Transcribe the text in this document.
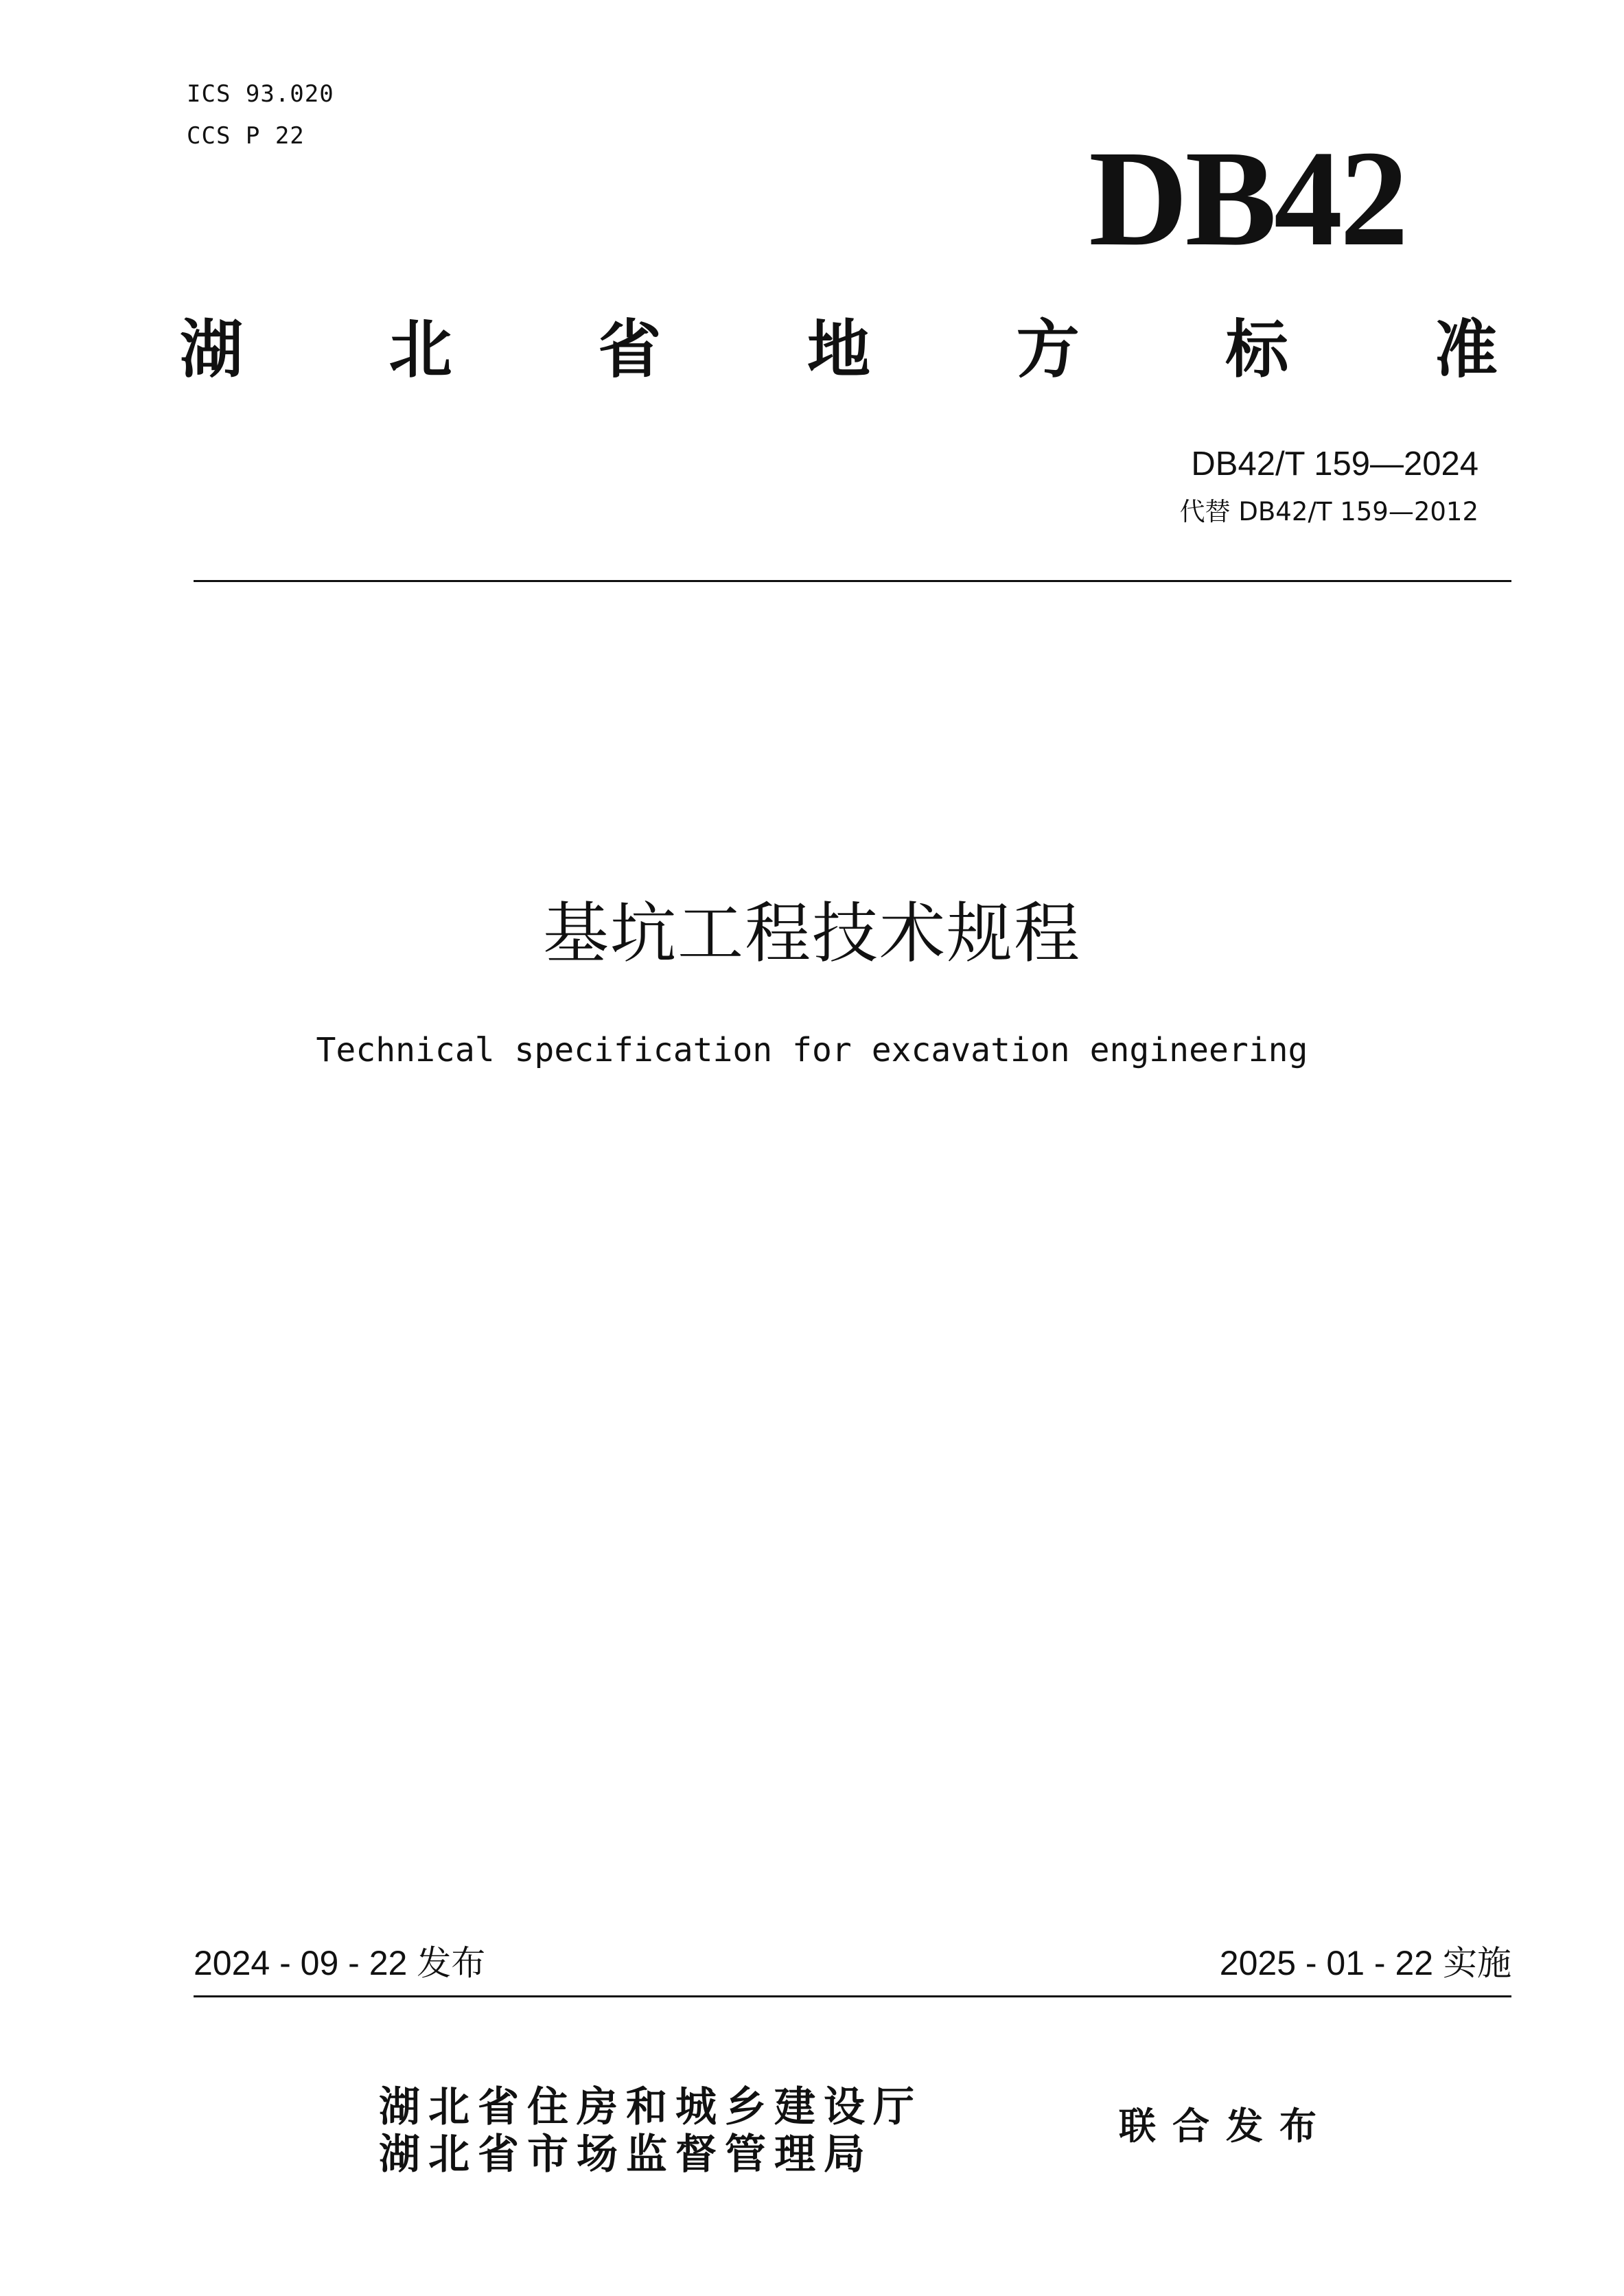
ICS 93.020
CCS P 22	DB42
湖 北 省 地 方 标 准
DB42/T 159—2024
代替 DB42/T 159—2012
基坑工程技术规程
Technical specification for excavation engineering
2024 - 09 - 22 发布	2025 - 01 - 22 实施
湖北省住房和城乡建设厅
湖北省市场监督管理局
联合发布
